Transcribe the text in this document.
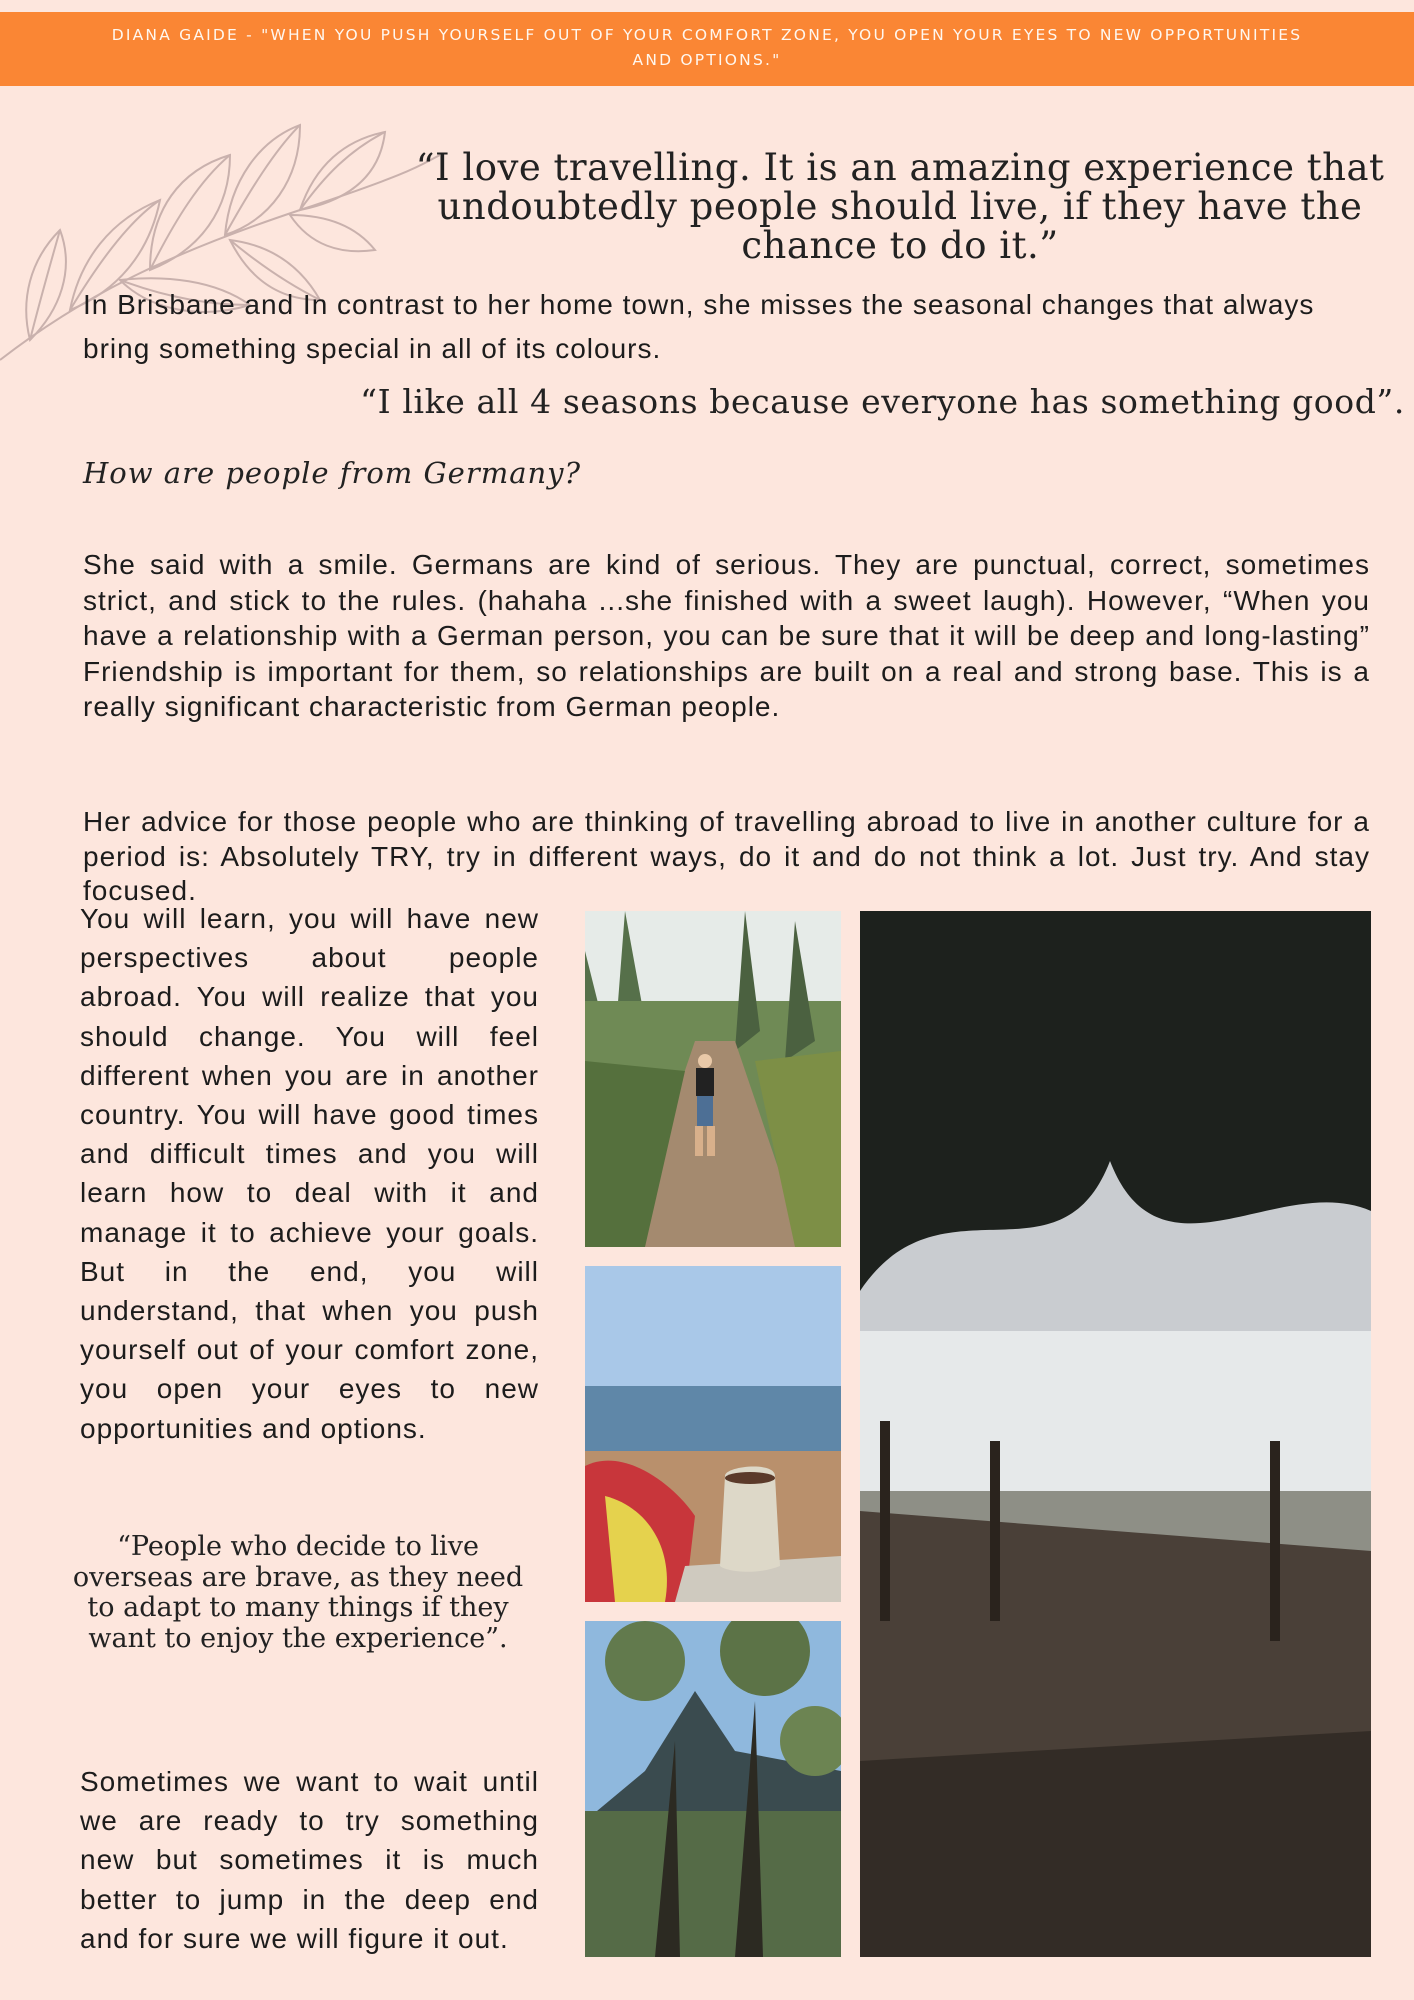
DIANA GAIDE - "WHEN YOU PUSH YOURSELF OUT OF YOUR COMFORT ZONE, YOU OPEN YOUR EYES TO NEW OPPORTUNITIES
AND OPTIONS."
“I love travelling. It is an amazing experience that undoubtedly people should live, if they have the chance to do it.”
In Brisbane and In contrast to her home town, she misses the seasonal changes that always bring something special in all of its colours.
“I like all 4 seasons because everyone has something good”.
How are people from Germany?
She said with a smile. Germans are kind of serious. They are punctual, correct, sometimes strict, and stick to the rules. (hahaha ...she finished with a sweet laugh). However, “When you have a relationship with a German person, you can be sure that it will be deep and long-lasting” Friendship is important for them, so relationships are built on a real and strong base. This is a really significant characteristic from German people.
Her advice for those people who are thinking of travelling abroad to live in another culture for a period is: Absolutely TRY, try in different ways, do it and do not think a lot. Just try. And stay focused.
You will learn, you will have new perspectives about people abroad. You will realize that you should change. You will feel different when you are in another country. You will have good times and difficult times and you will learn how to deal with it and manage it to achieve your goals. But in the end, you will understand, that when you push yourself out of your comfort zone, you open your eyes to new opportunities and options.
“People who decide to live overseas are brave, as they need to adapt to many things if they want to enjoy the experience”.
Sometimes we want to wait until we are ready to try something new but sometimes it is much better to jump in the deep end and for sure we will figure it out.
